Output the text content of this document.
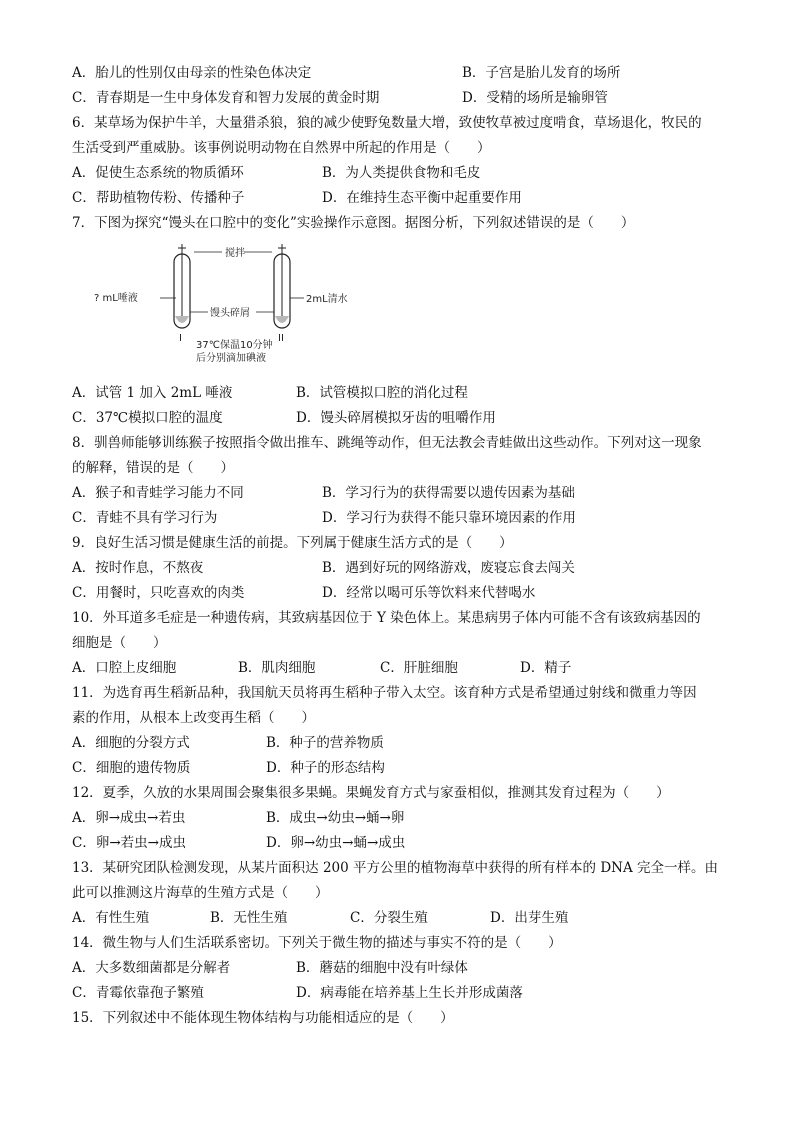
A．胎儿的性别仅由母亲的性染色体决定	B．子宫是胎儿发育的场所
C．青春期是一生中身体发育和智力发展的黄金时期	D．受精的场所是输卵管
6．某草场为保护牛羊，大量猎杀狼，狼的减少使野兔数量大增，致使牧草被过度啃食，草场退化，牧民的
生活受到严重威胁。该事例说明动物在自然界中所起的作用是（　　）
A．促使生态系统的物质循环	B．为人类提供食物和毛皮
C．帮助植物传粉、传播种子	D．在维持生态平衡中起重要作用
7．下图为探究“馒头在口腔中的变化”实验操作示意图。据图分析，下列叙述错误的是（　　）
搅拌
? mL唾液
馒头碎屑
2mL清水
I	II
37℃保温10分钟
后分别滴加碘液
A．试管 1 加入 2mL 唾液	B．试管模拟口腔的消化过程
C．37℃模拟口腔的温度	D．馒头碎屑模拟牙齿的咀嚼作用
8．驯兽师能够训练猴子按照指令做出推车、跳绳等动作，但无法教会青蛙做出这些动作。下列对这一现象
的解释，错误的是（　　）
A．猴子和青蛙学习能力不同	B．学习行为的获得需要以遗传因素为基础
C．青蛙不具有学习行为	D．学习行为获得不能只靠环境因素的作用
9．良好生活习惯是健康生活的前提。下列属于健康生活方式的是（　　）
A．按时作息，不熬夜	B．遇到好玩的网络游戏，废寝忘食去闯关
C．用餐时，只吃喜欢的肉类	D．经常以喝可乐等饮料来代替喝水
10．外耳道多毛症是一种遗传病，其致病基因位于 Y 染色体上。某患病男子体内可能不含有该致病基因的
细胞是（　　）
A．口腔上皮细胞	B．肌肉细胞	C．肝脏细胞	D．精子
11．为选育再生稻新品种，我国航天员将再生稻种子带入太空。该育种方式是希望通过射线和微重力等因
素的作用，从根本上改变再生稻（　　）
A．细胞的分裂方式	B．种子的营养物质
C．细胞的遗传物质	D．种子的形态结构
12．夏季，久放的水果周围会聚集很多果蝇。果蝇发育方式与家蚕相似，推测其发育过程为（　　）
A．卵→成虫→若虫	B．成虫→幼虫→蛹→卵
C．卵→若虫→成虫	D．卵→幼虫→蛹→成虫
13．某研究团队检测发现，从某片面积达 200 平方公里的植物海草中获得的所有样本的 DNA 完全一样。由
此可以推测这片海草的生殖方式是（　　）
A．有性生殖	B．无性生殖	C．分裂生殖	D．出芽生殖
14．微生物与人们生活联系密切。下列关于微生物的描述与事实不符的是（　　）
A．大多数细菌都是分解者	B．蘑菇的细胞中没有叶绿体
C．青霉依靠孢子繁殖	D．病毒能在培养基上生长并形成菌落
15．下列叙述中不能体现生物体结构与功能相适应的是（　　）
